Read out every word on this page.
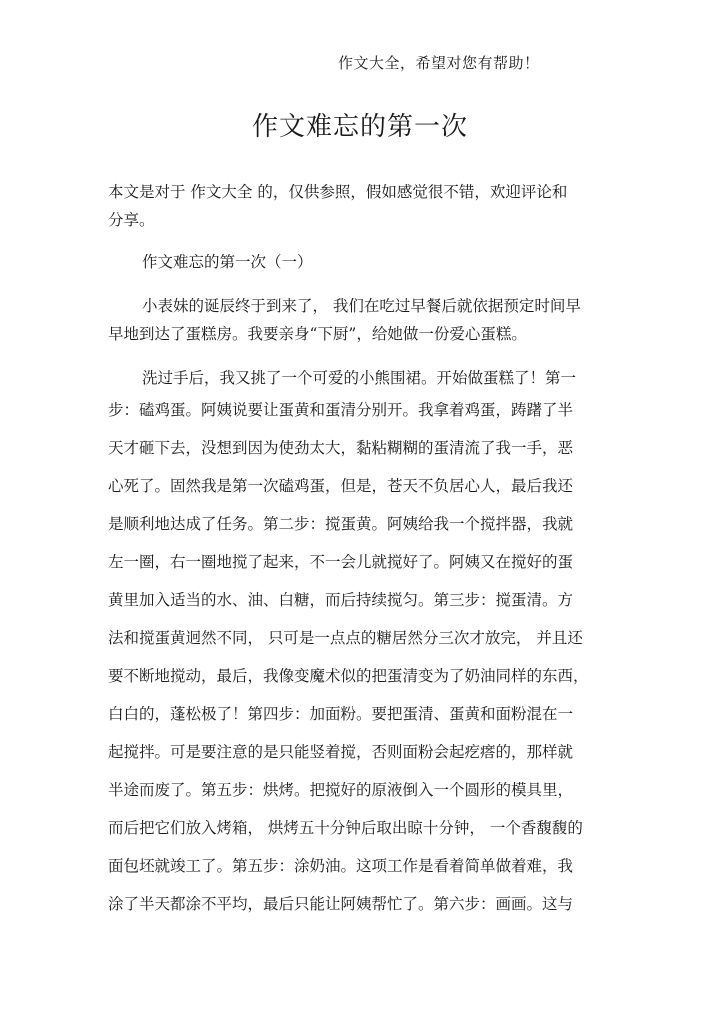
作文大全，希望对您有帮助！
作文难忘的第一次
本文是对于 作文大全 的，仅供参照，假如感觉很不错，欢迎评论和
分享。
作文难忘的第一次（一）
小表妹的诞辰终于到来了， 我们在吃过早餐后就依据预定时间早
早地到达了蛋糕房。我要亲身“下厨”，给她做一份爱心蛋糕。
洗过手后，我又挑了一个可爱的小熊围裙。开始做蛋糕了！第一
步：磕鸡蛋。阿姨说要让蛋黄和蛋清分别开。我拿着鸡蛋，踌躇了半
天才砸下去，没想到因为使劲太大，黏粘糊糊的蛋清流了我一手，恶
心死了。固然我是第一次磕鸡蛋，但是，苍天不负居心人，最后我还
是顺利地达成了任务。第二步：搅蛋黄。阿姨给我一个搅拌器，我就
左一圈，右一圈地搅了起来，不一会儿就搅好了。阿姨又在搅好的蛋
黄里加入适当的水、油、白糖，而后持续搅匀。第三步：搅蛋清。方
法和搅蛋黄迥然不同， 只可是一点点的糖居然分三次才放完， 并且还
要不断地搅动，最后，我像变魔术似的把蛋清变为了奶油同样的东西，
白白的，蓬松极了！第四步：加面粉。要把蛋清、蛋黄和面粉混在一
起搅拌。可是要注意的是只能竖着搅，否则面粉会起疙瘩的，那样就
半途而废了。第五步：烘烤。把搅好的原液倒入一个圆形的模具里，
而后把它们放入烤箱， 烘烤五十分钟后取出晾十分钟， 一个香馥馥的
面包坯就竣工了。第五步：涂奶油。这项工作是看着简单做着难，我
涂了半天都涂不平均，最后只能让阿姨帮忙了。第六步：画画。这与
